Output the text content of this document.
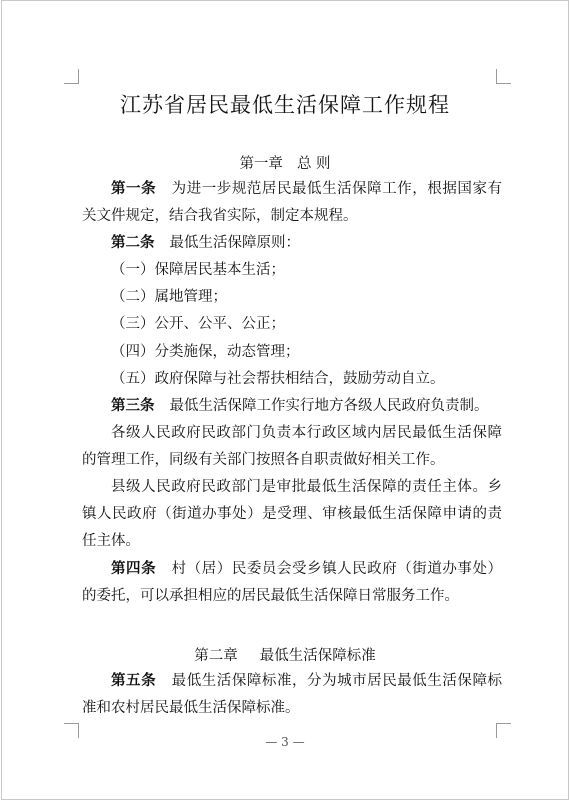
江苏省居民最低生活保障工作规程
第一章 总 则
第一条 为进一步规范居民最低生活保障工作，根据国家有关文件规定，结合我省实际，制定本规程。
第二条 最低生活保障原则：
（一）保障居民基本生活；
（二）属地管理；
（三）公开、公平、公正；
（四）分类施保，动态管理；
（五）政府保障与社会帮扶相结合，鼓励劳动自立。
第三条 最低生活保障工作实行地方各级人民政府负责制。
各级人民政府民政部门负责本行政区域内居民最低生活保障的管理工作，同级有关部门按照各自职责做好相关工作。
县级人民政府民政部门是审批最低生活保障的责任主体。乡镇人民政府（街道办事处）是受理、审核最低生活保障申请的责任主体。
第四条 村（居）民委员会受乡镇人民政府（街道办事处）的委托，可以承担相应的居民最低生活保障日常服务工作。
第二章 最低生活保障标准
第五条 最低生活保障标准，分为城市居民最低生活保障标准和农村居民最低生活保障标准。
— 3 —
